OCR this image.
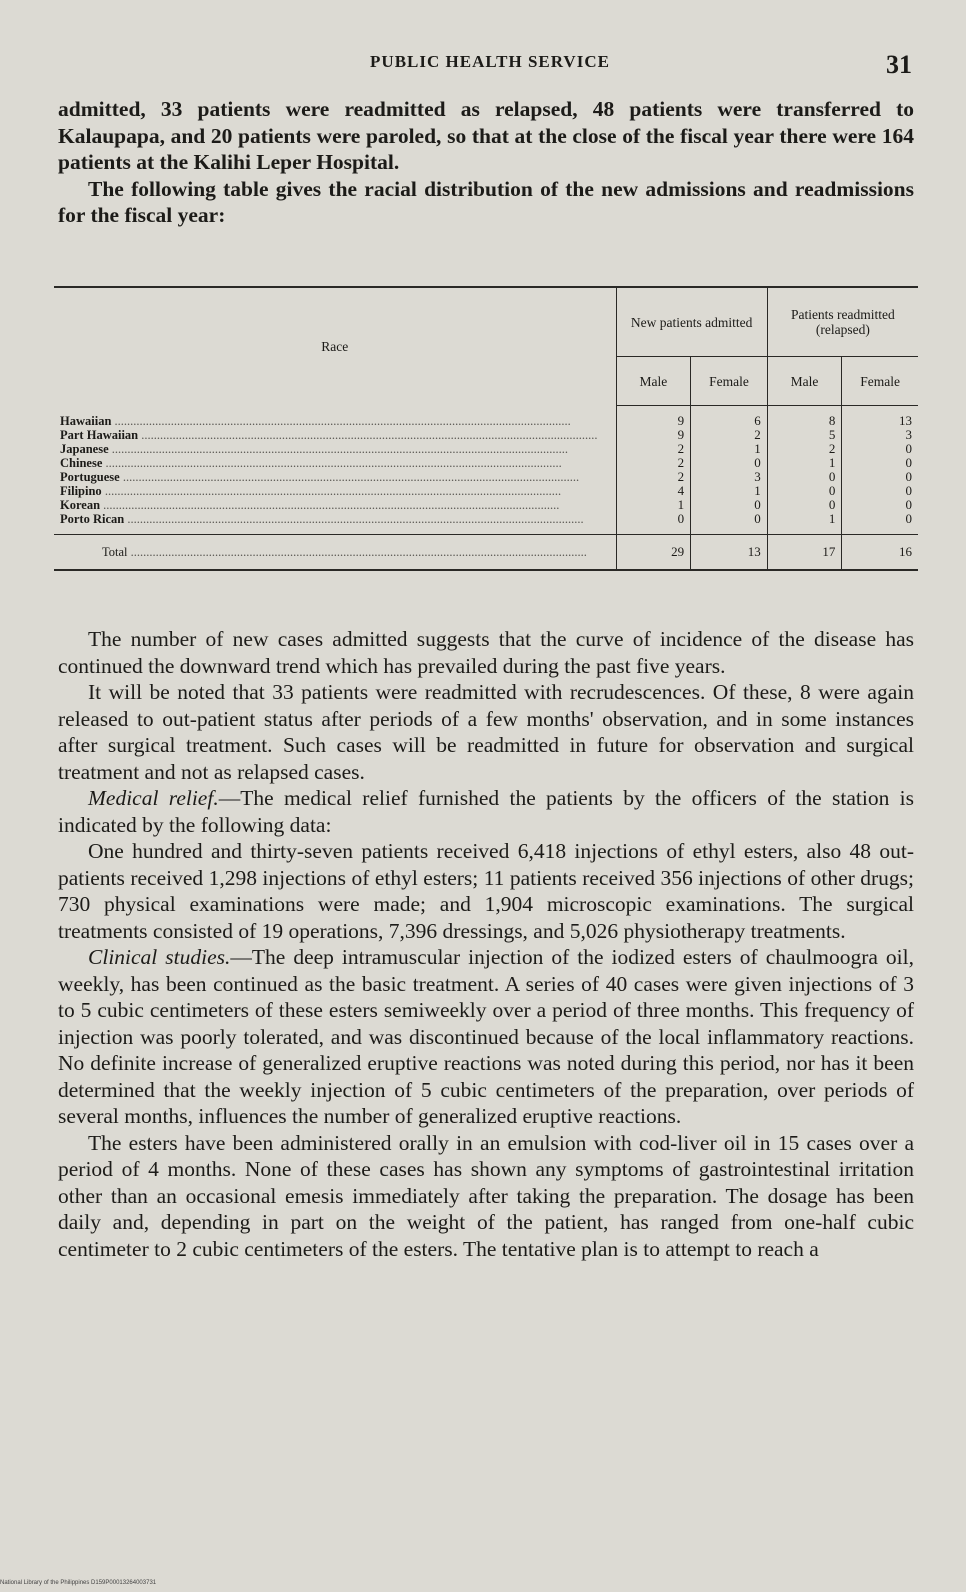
PUBLIC HEALTH SERVICE	31

admitted, 33 patients were readmitted as relapsed, 48 patients were transferred to Kalaupapa, and 20 patients were paroled, so that at the close of the fiscal year there were 164 patients at the Kalihi Leper Hospital.

The following table gives the racial distribution of the new admissions and readmissions for the fiscal year:

Race	New patients admitted		Patients readmitted (relapsed)	
	Male	Female	Male	Female
Hawaiian .....	9	6	8	13
Part Hawaiian .....	9	2	5	3
Japanese .....	2	1	2	0
Chinese .....	2	0	1	0
Portuguese .....	2	3	0	0
Filipino .....	4	1	0	0
Korean .....	1	0	0	0
Porto Rican .....	0	0	1	0
Total .....	29	13	17	16

The number of new cases admitted suggests that the curve of incidence of the disease has continued the downward trend which has prevailed during the past five years.

It will be noted that 33 patients were readmitted with recrudescences. Of these, 8 were again released to out-patient status after periods of a few months' observation, and in some instances after surgical treatment. Such cases will be readmitted in future for observation and surgical treatment and not as relapsed cases.

Medical relief.—The medical relief furnished the patients by the officers of the station is indicated by the following data:

One hundred and thirty-seven patients received 6,418 injections of ethyl esters, also 48 out-patients received 1,298 injections of ethyl esters; 11 patients received 356 injections of other drugs; 730 physical examinations were made; and 1,904 microscopic examinations. The surgical treatments consisted of 19 operations, 7,396 dressings, and 5,026 physiotherapy treatments.

Clinical studies.—The deep intramuscular injection of the iodized esters of chaulmoogra oil, weekly, has been continued as the basic treatment. A series of 40 cases were given injections of 3 to 5 cubic centimeters of these esters semiweekly over a period of three months. This frequency of injection was poorly tolerated, and was discontinued because of the local inflammatory reactions. No definite increase of generalized eruptive reactions was noted during this period, nor has it been determined that the weekly injection of 5 cubic centimeters of the preparation, over periods of several months, influences the number of generalized eruptive reactions.

The esters have been administered orally in an emulsion with cod-liver oil in 15 cases over a period of 4 months. None of these cases has shown any symptoms of gastrointestinal irritation other than an occasional emesis immediately after taking the preparation. The dosage has been daily and, depending in part on the weight of the patient, has ranged from one-half cubic centimeter to 2 cubic centimeters of the esters. The tentative plan is to attempt to reach a

National Library of the Philippines D159P00013264003731
